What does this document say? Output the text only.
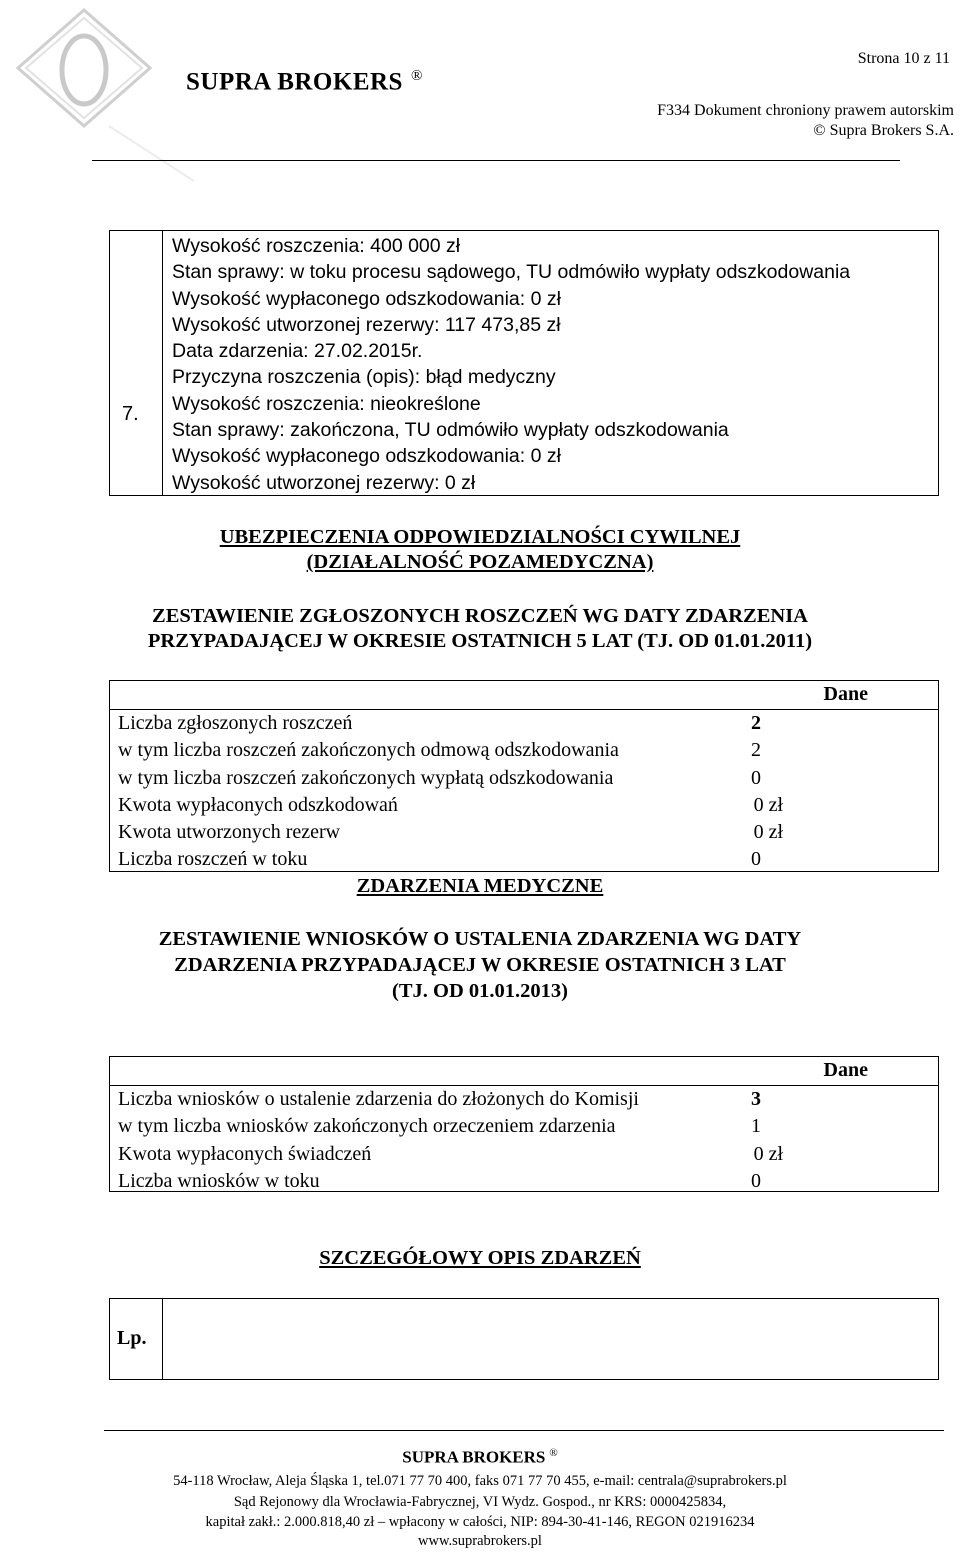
SUPRA BROKERS ®
Strona 10 z 11
F334 Dokument chroniony prawem autorskim
© Supra Brokers S.A.
7.
Wysokość roszczenia: 400 000 zł
Stan sprawy: w toku procesu sądowego, TU odmówiło wypłaty odszkodowania
Wysokość wypłaconego odszkodowania: 0 zł
Wysokość utworzonej rezerwy: 117 473,85 zł
Data zdarzenia: 27.02.2015r.
Przyczyna roszczenia (opis): błąd medyczny
Wysokość roszczenia: nieokreślone
Stan sprawy: zakończona, TU odmówiło wypłaty odszkodowania
Wysokość wypłaconego odszkodowania: 0 zł
Wysokość utworzonej rezerwy: 0 zł
UBEZPIECZENIA ODPOWIEDZIALNOŚCI CYWILNEJ
(DZIAŁALNOŚĆ POZAMEDYCZNA)
ZESTAWIENIE ZGŁOSZONYCH ROSZCZEŃ WG DATY ZDARZENIA
PRZYPADAJĄCEJ W OKRESIE OSTATNICH 5 LAT (TJ. OD 01.01.2011)
Dane
Liczba zgłoszonych roszczeń	2
w tym liczba roszczeń zakończonych odmową odszkodowania	2
w tym liczba roszczeń zakończonych wypłatą odszkodowania	0
Kwota wypłaconych odszkodowań	0 zł
Kwota utworzonych rezerw	0 zł
Liczba roszczeń w toku	0
ZDARZENIA MEDYCZNE
ZESTAWIENIE WNIOSKÓW O USTALENIA ZDARZENIA WG DATY
ZDARZENIA PRZYPADAJĄCEJ W OKRESIE OSTATNICH 3 LAT
(TJ. OD 01.01.2013)
Dane
Liczba wniosków o ustalenie zdarzenia do złożonych do Komisji	3
w tym liczba wniosków zakończonych orzeczeniem zdarzenia	1
Kwota wypłaconych świadczeń	0 zł
Liczba wniosków w toku	0
SZCZEGÓŁOWY OPIS ZDARZEŃ
Lp.
SUPRA BROKERS ®
54-118 Wrocław, Aleja Śląska 1, tel.071 77 70 400, faks 071 77 70 455, e-mail: centrala@suprabrokers.pl
Sąd Rejonowy dla Wrocławia-Fabrycznej, VI Wydz. Gospod., nr KRS: 0000425834,
kapitał zakł.: 2.000.818,40 zł – wpłacony w całości, NIP: 894-30-41-146, REGON 021916234
www.suprabrokers.pl
